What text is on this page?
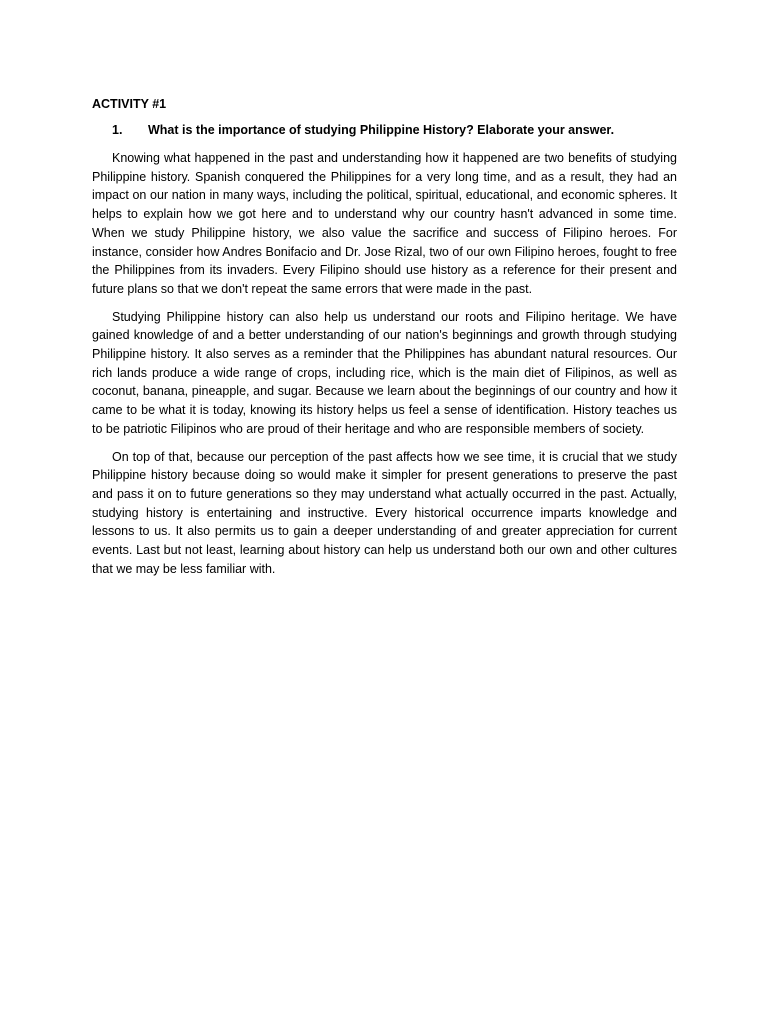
ACTIVITY #1
1.	What is the importance of studying Philippine History? Elaborate your answer.

Knowing what happened in the past and understanding how it happened are two benefits of studying Philippine history. Spanish conquered the Philippines for a very long time, and as a result, they had an impact on our nation in many ways, including the political, spiritual, educational, and economic spheres. It helps to explain how we got here and to understand why our country hasn't advanced in some time. When we study Philippine history, we also value the sacrifice and success of Filipino heroes. For instance, consider how Andres Bonifacio and Dr. Jose Rizal, two of our own Filipino heroes, fought to free the Philippines from its invaders. Every Filipino should use history as a reference for their present and future plans so that we don't repeat the same errors that were made in the past.

Studying Philippine history can also help us understand our roots and Filipino heritage. We have gained knowledge of and a better understanding of our nation's beginnings and growth through studying Philippine history. It also serves as a reminder that the Philippines has abundant natural resources. Our rich lands produce a wide range of crops, including rice, which is the main diet of Filipinos, as well as coconut, banana, pineapple, and sugar. Because we learn about the beginnings of our country and how it came to be what it is today, knowing its history helps us feel a sense of identification. History teaches us to be patriotic Filipinos who are proud of their heritage and who are responsible members of society.

On top of that, because our perception of the past affects how we see time, it is crucial that we study Philippine history because doing so would make it simpler for present generations to preserve the past and pass it on to future generations so they may understand what actually occurred in the past. Actually, studying history is entertaining and instructive. Every historical occurrence imparts knowledge and lessons to us. It also permits us to gain a deeper understanding of and greater appreciation for current events. Last but not least, learning about history can help us understand both our own and other cultures that we may be less familiar with.
